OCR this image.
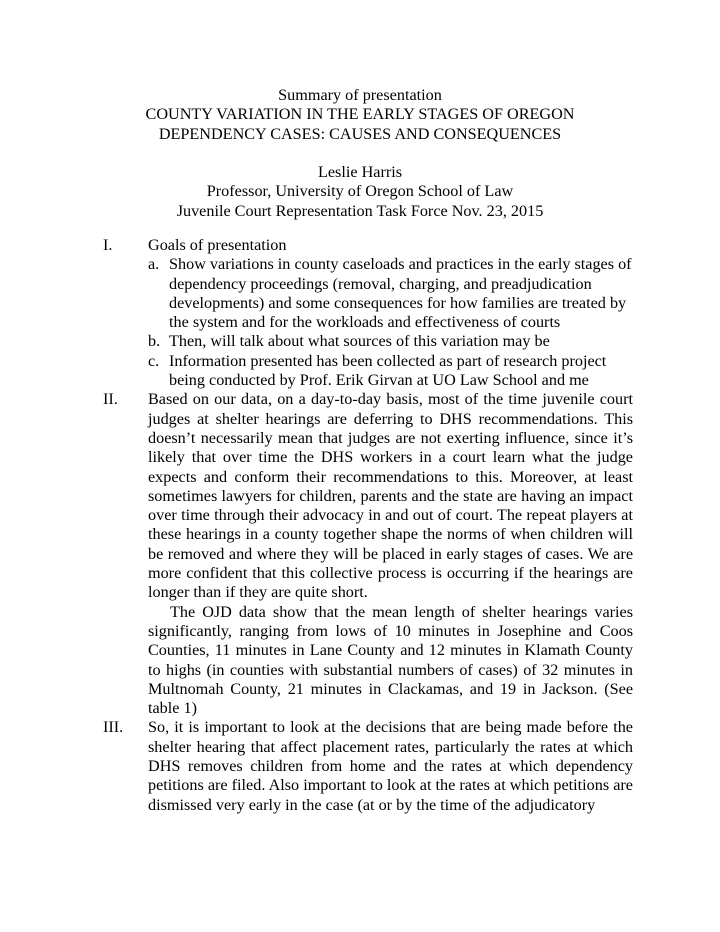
Summary of presentation
COUNTY VARIATION IN THE EARLY STAGES OF OREGON
DEPENDENCY CASES: CAUSES AND CONSEQUENCES
Leslie Harris
Professor, University of Oregon School of Law
Juvenile Court Representation Task Force Nov. 23, 2015
I. Goals of presentation
a. Show variations in county caseloads and practices in the early stages of dependency proceedings (removal, charging, and preadjudication developments) and some consequences for how families are treated by the system and for the workloads and effectiveness of courts
b. Then, will talk about what sources of this variation may be
c. Information presented has been collected as part of research project being conducted by Prof. Erik Girvan at UO Law School and me
II. Based on our data, on a day-to-day basis, most of the time juvenile court judges at shelter hearings are deferring to DHS recommendations. This doesn’t necessarily mean that judges are not exerting influence, since it’s likely that over time the DHS workers in a court learn what the judge expects and conform their recommendations to this. Moreover, at least sometimes lawyers for children, parents and the state are having an impact over time through their advocacy in and out of court. The repeat players at these hearings in a county together shape the norms of when children will be removed and where they will be placed in early stages of cases. We are more confident that this collective process is occurring if the hearings are longer than if they are quite short.
The OJD data show that the mean length of shelter hearings varies significantly, ranging from lows of 10 minutes in Josephine and Coos Counties, 11 minutes in Lane County and 12 minutes in Klamath County to highs (in counties with substantial numbers of cases) of 32 minutes in Multnomah County, 21 minutes in Clackamas, and 19 in Jackson. (See table 1)
III. So, it is important to look at the decisions that are being made before the shelter hearing that affect placement rates, particularly the rates at which DHS removes children from home and the rates at which dependency petitions are filed. Also important to look at the rates at which petitions are dismissed very early in the case (at or by the time of the adjudicatory
